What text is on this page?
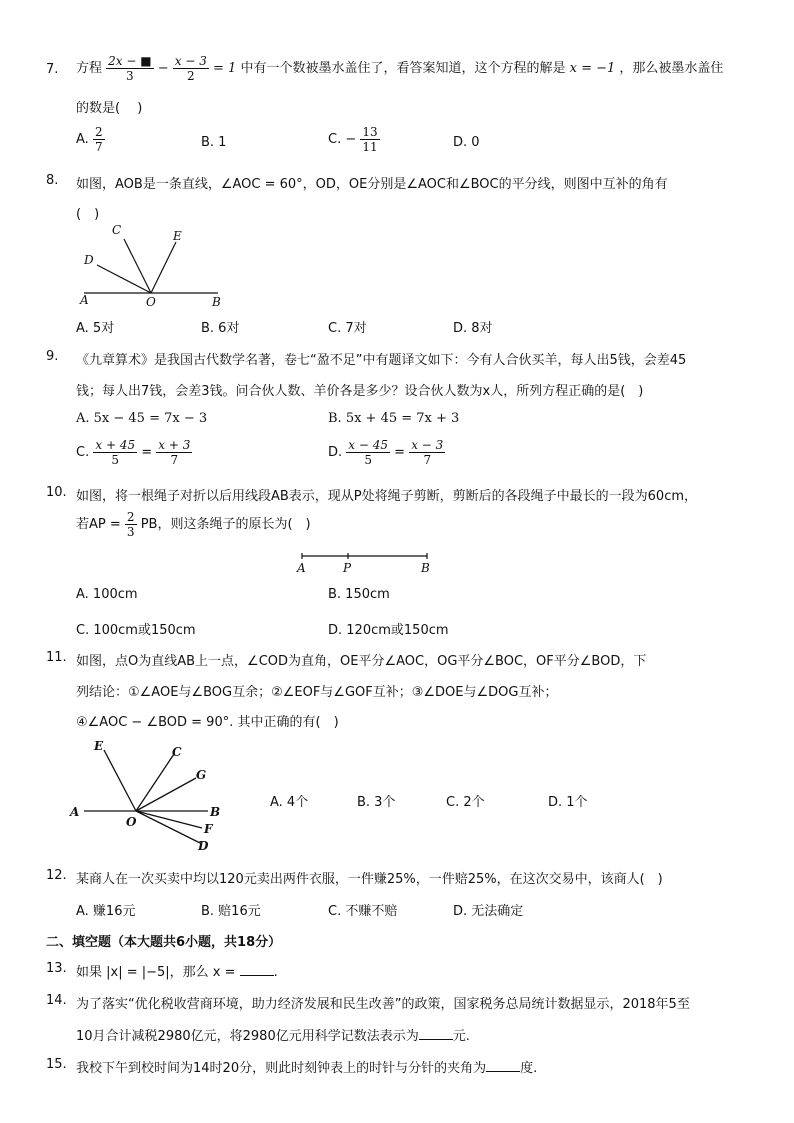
7. 方程 $\frac{2x - ■}{3} - \frac{x - 3}{2} = 1$ 中有一个数被墨水盖住了，看答案知道，这个方程的解是 x = −1 ，那么被墨水盖住
的数是(　 )
A. $\frac{2}{7}$	B. 1	C. − $\frac{13}{11}$	D. 0
8. 如图，AOB是一条直线，∠AOC = 60°，OD，OE分别是∠AOC和∠BOC的平分线，则图中互补的角有
(　)
C	E
D
A	O	B
A. 5对	B. 6对	C. 7对	D. 8对
9. 《九章算术》是我国古代数学名著，卷七“盈不足”中有题译文如下：今有人合伙买羊，每人出5钱，会差45
钱；每人出7钱，会差3钱。问合伙人数、羊价各是多少？设合伙人数为x人，所列方程正确的是(　)
A. 5x − 45 = 7x − 3	B. 5x + 45 = 7x + 3
C. $\frac{x + 45}{5} = \frac{x + 3}{7}$	D. $\frac{x - 45}{5} = \frac{x - 3}{7}$
10. 如图，将一根绳子对折以后用线段AB表示，现从P处将绳子剪断，剪断后的各段绳子中最长的一段为60cm，
若AP = $\frac{2}{3}$ PB，则这条绳子的原长为(　)
A	P	B
A. 100cm	B. 150cm
C. 100cm或150cm	D. 120cm或150cm
11. 如图，点O为直线AB上一点，∠COD为直角，OE平分∠AOC，OG平分∠BOC，OF平分∠BOD，下
列结论：①∠AOE与∠BOG互余；②∠EOF与∠GOF互补；③∠DOE与∠DOG互补；
④∠AOC − ∠BOD = 90°. 其中正确的有(　)
E	C
G
A
O
B
F
D
A. 4个	B. 3个	C. 2个	D. 1个
12. 某商人在一次买卖中均以120元卖出两件衣服，一件赚25%，一件赔25%，在这次交易中，该商人(　)
A. 赚16元	B. 赔16元	C. 不赚不赔	D. 无法确定
二、填空题（本大题共6小题，共18分）
13. 如果 |x| = |−5|，那么 x =	.
14. 为了落实“优化税收营商环境，助力经济发展和民生改善”的政策，国家税务总局统计数据显示，2018年5至
10月合计减税2980亿元，将2980亿元用科学记数法表示为	元.
15. 我校下午到校时间为14时20分，则此时刻钟表上的时针与分针的夹角为	度.
